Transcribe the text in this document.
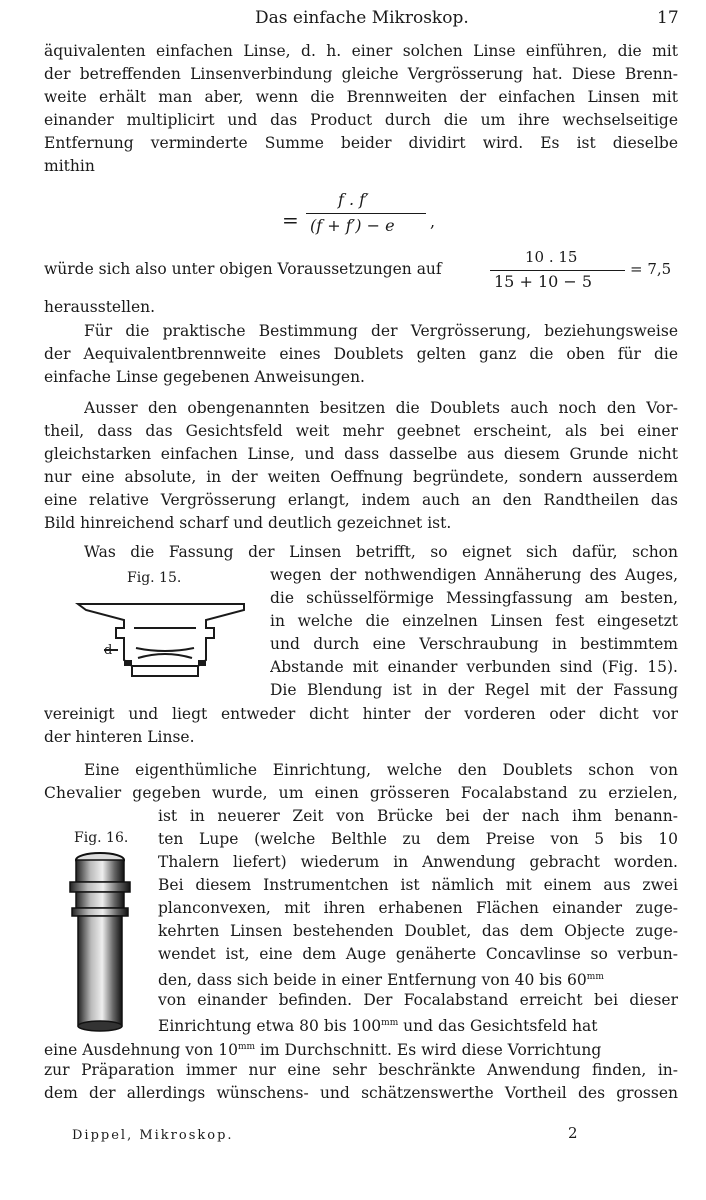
Das einfache Mikroskop.	17
äquivalenten einfachen Linse, d. h. einer solchen Linse einführen, die mit
der betreffenden Linsenverbindung gleiche Vergrösserung hat. Diese Brenn-
weite erhält man aber, wenn die Brennweiten der einfachen Linsen mit
einander multiplicirt und das Product durch die um ihre wechselseitige
Entfernung verminderte Summe beider dividirt wird. Es ist dieselbe
mithin
=
f . f′
(f + f′) − e ,
würde sich also unter obigen Voraussetzungen auf
10 . 15
15 + 10 − 5
= 7,5
herausstellen.
Für die praktische Bestimmung der Vergrösserung, beziehungsweise
der Aequivalentbrennweite eines Doublets gelten ganz die oben für die
einfache Linse gegebenen Anweisungen.
Ausser den obengenannten besitzen die Doublets auch noch den Vor-
theil, dass das Gesichtsfeld weit mehr geebnet erscheint, als bei einer
gleichstarken einfachen Linse, und dass dasselbe aus diesem Grunde nicht
nur eine absolute, in der weiten Oeffnung begründete, sondern ausserdem
eine relative Vergrösserung erlangt, indem auch an den Randtheilen das
Bild hinreichend scharf und deutlich gezeichnet ist.
Was die Fassung der Linsen betrifft, so eignet sich dafür, schon
Fig. 15.	wegen der nothwendigen Annäherung des Auges,
die schüsselförmige Messingfassung am besten,
in welche die einzelnen Linsen fest eingesetzt
und durch eine Verschraubung in bestimmtem
Abstande mit einander verbunden sind (Fig. 15).
Die Blendung ist in der Regel mit der Fassung
vereinigt und liegt entweder dicht hinter der vorderen oder dicht vor
der hinteren Linse.
d
Eine eigenthümliche Einrichtung, welche den Doublets schon von
Chevalier gegeben wurde, um einen grösseren Focalabstand zu erzielen,
ist in neuerer Zeit von Brücke bei der nach ihm benann-
Fig. 16. ten Lupe (welche Belthle zu dem Preise von 5 bis 10
Thalern liefert) wiederum in Anwendung gebracht worden.
Bei diesem Instrumentchen ist nämlich mit einem aus zwei
planconvexen, mit ihren erhabenen Flächen einander zuge-
kehrten Linsen bestehenden Doublet, das dem Objecte zuge-
wendet ist, eine dem Auge genäherte Concavlinse so verbun-
den, dass sich beide in einer Entfernung von 40 bis $60^{mm}$
von einander befinden. Der Focalabstand erreicht bei dieser
Einrichtung etwa 80 bis $100^{mm}$ und das Gesichtsfeld hat
eine Ausdehnung von $10^{mm}$ im Durchschnitt. Es wird diese Vorrichtung
zur Präparation immer nur eine sehr beschränkte Anwendung finden, in-
dem der allerdings wünschens- und schätzenswerthe Vortheil des grossen
Dippel, Mikroskop.	2
